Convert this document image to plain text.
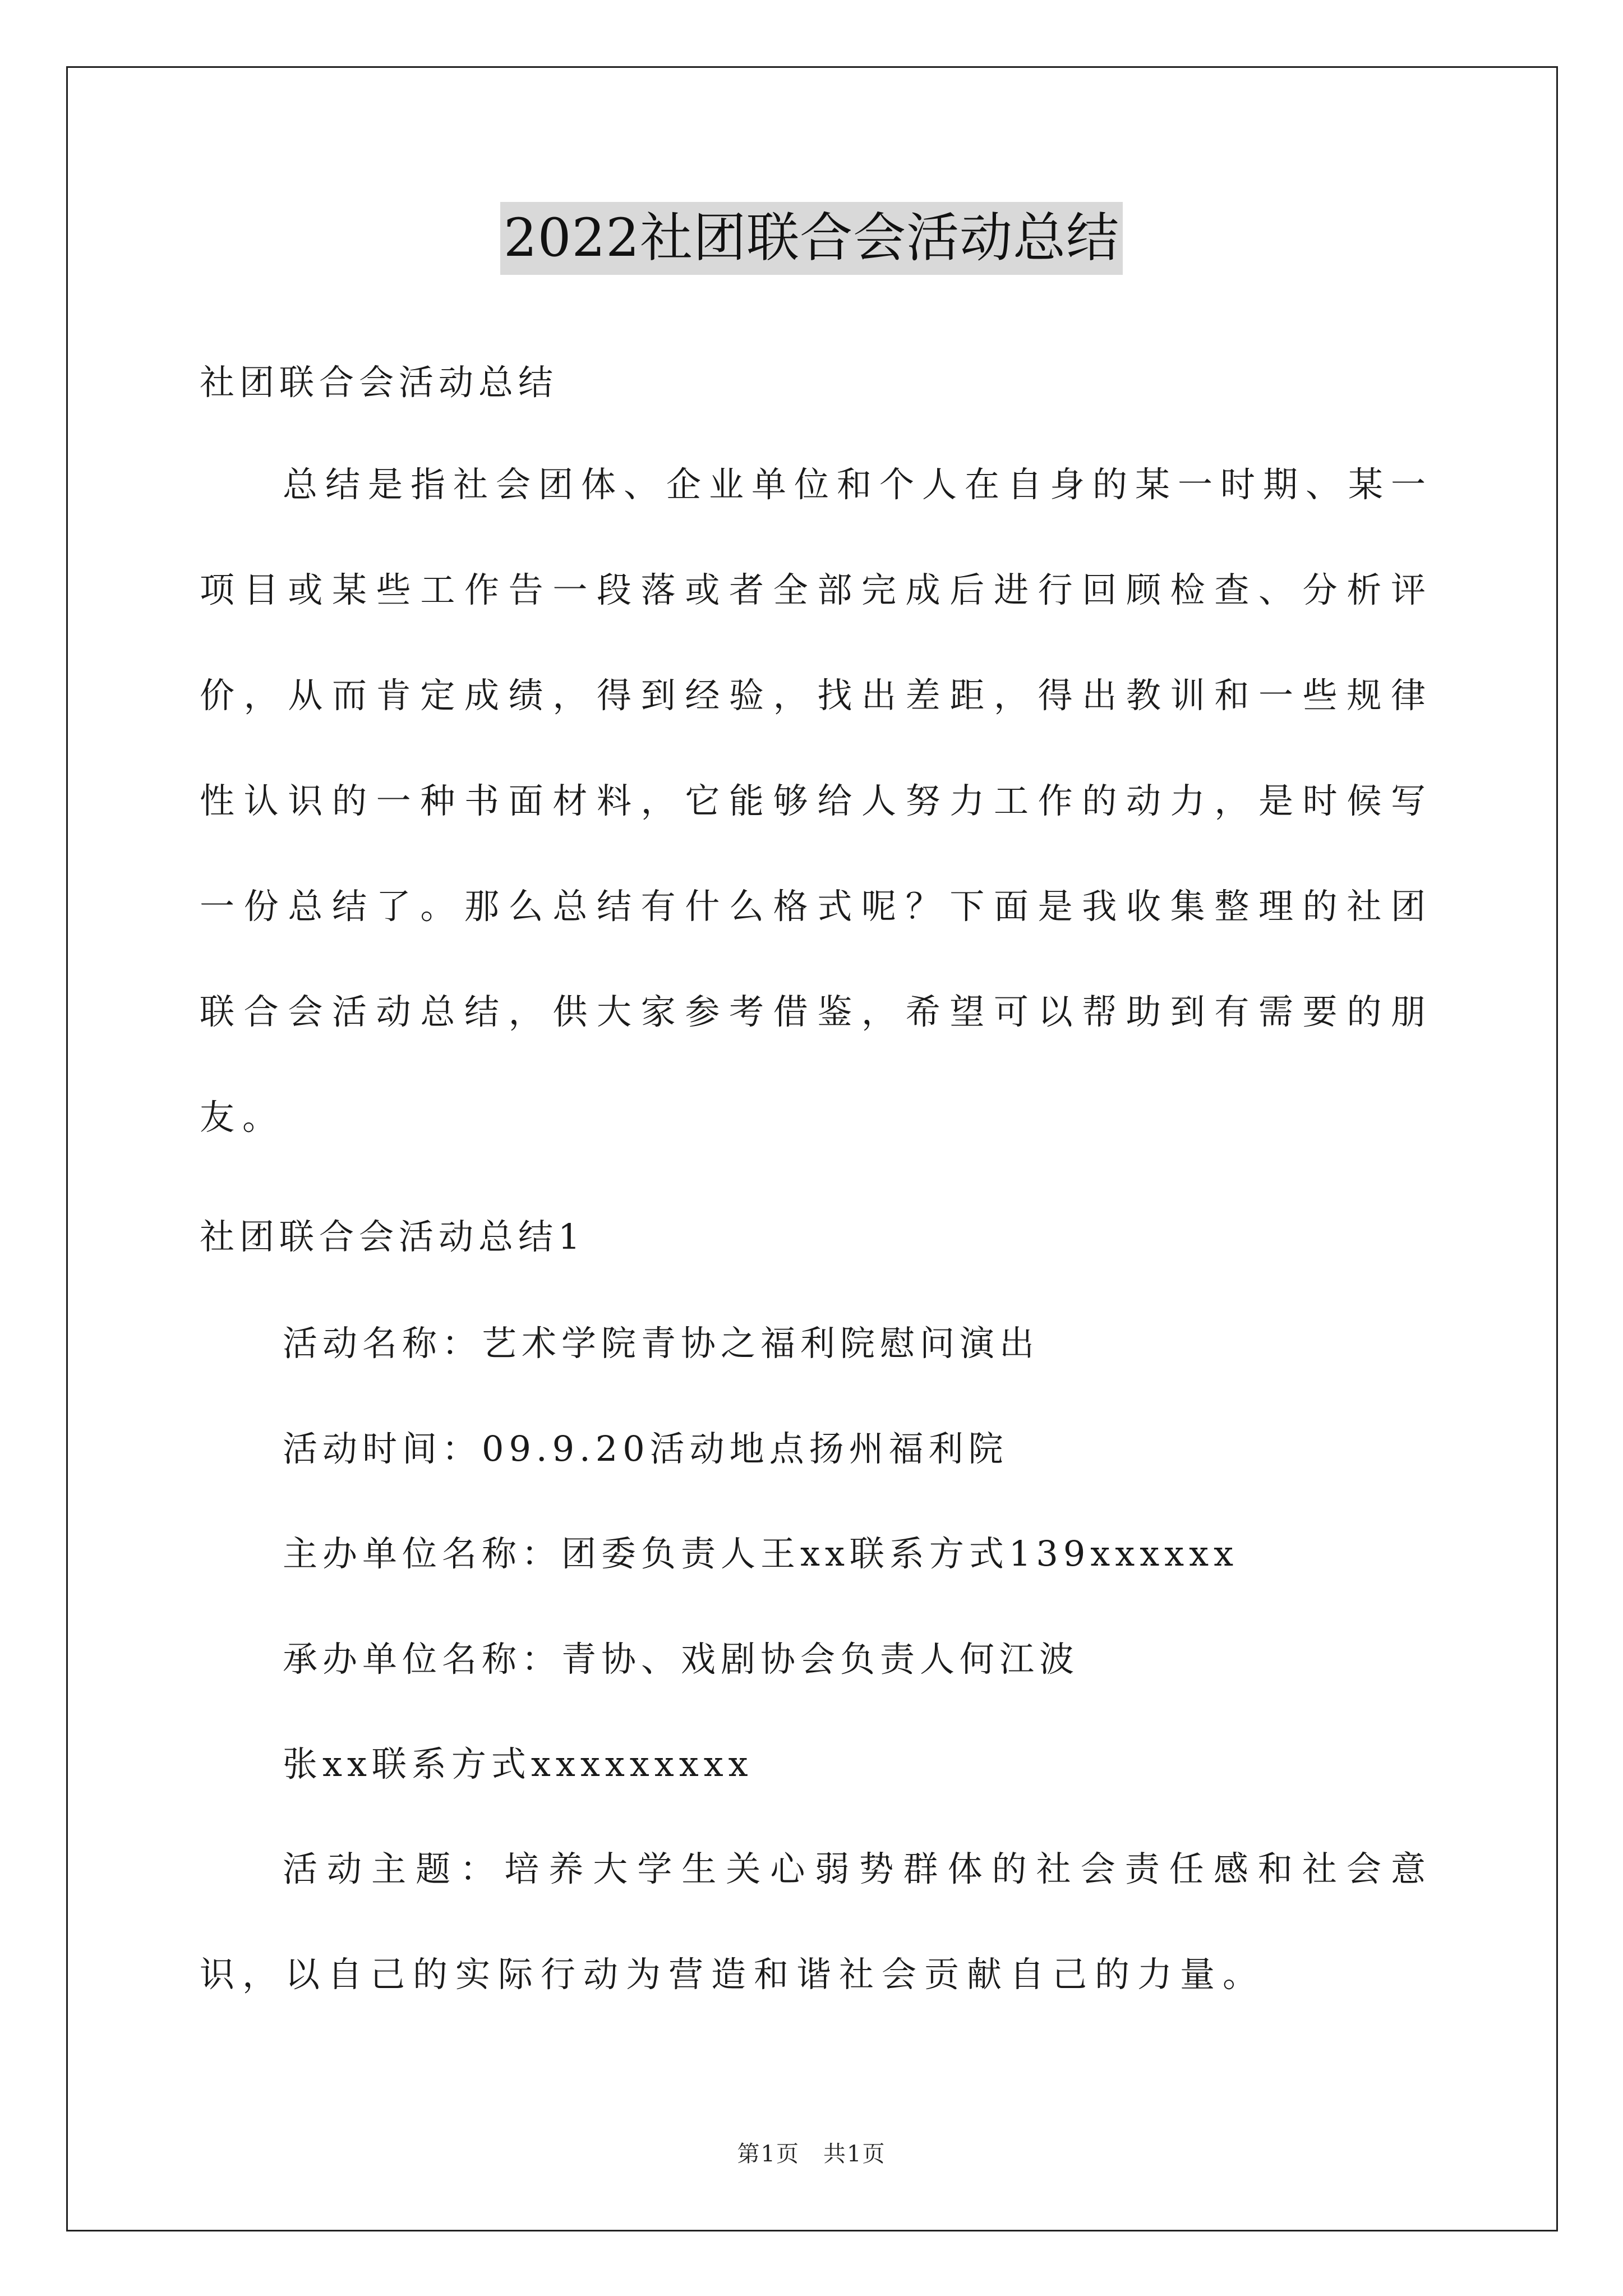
2022社团联合会活动总结
社团联合会活动总结
总结是指社会团体、企业单位和个人在自身的某一时期、某一项目或某些工作告一段落或者全部完成后进行回顾检查、分析评价，从而肯定成绩，得到经验，找出差距，得出教训和一些规律性认识的一种书面材料，它能够给人努力工作的动力，是时候写一份总结了。那么总结有什么格式呢？下面是我收集整理的社团联合会活动总结，供大家参考借鉴，希望可以帮助到有需要的朋友。
社团联合会活动总结1
活动名称：艺术学院青协之福利院慰问演出
活动时间：09.9.20活动地点扬州福利院
主办单位名称：团委负责人王xx联系方式139xxxxxx
承办单位名称：青协、戏剧协会负责人何江波
张xx联系方式xxxxxxxxx
活动主题：培养大学生关心弱势群体的社会责任感和社会意识，以自己的实际行动为营造和谐社会贡献自己的力量。
第1页　共1页
